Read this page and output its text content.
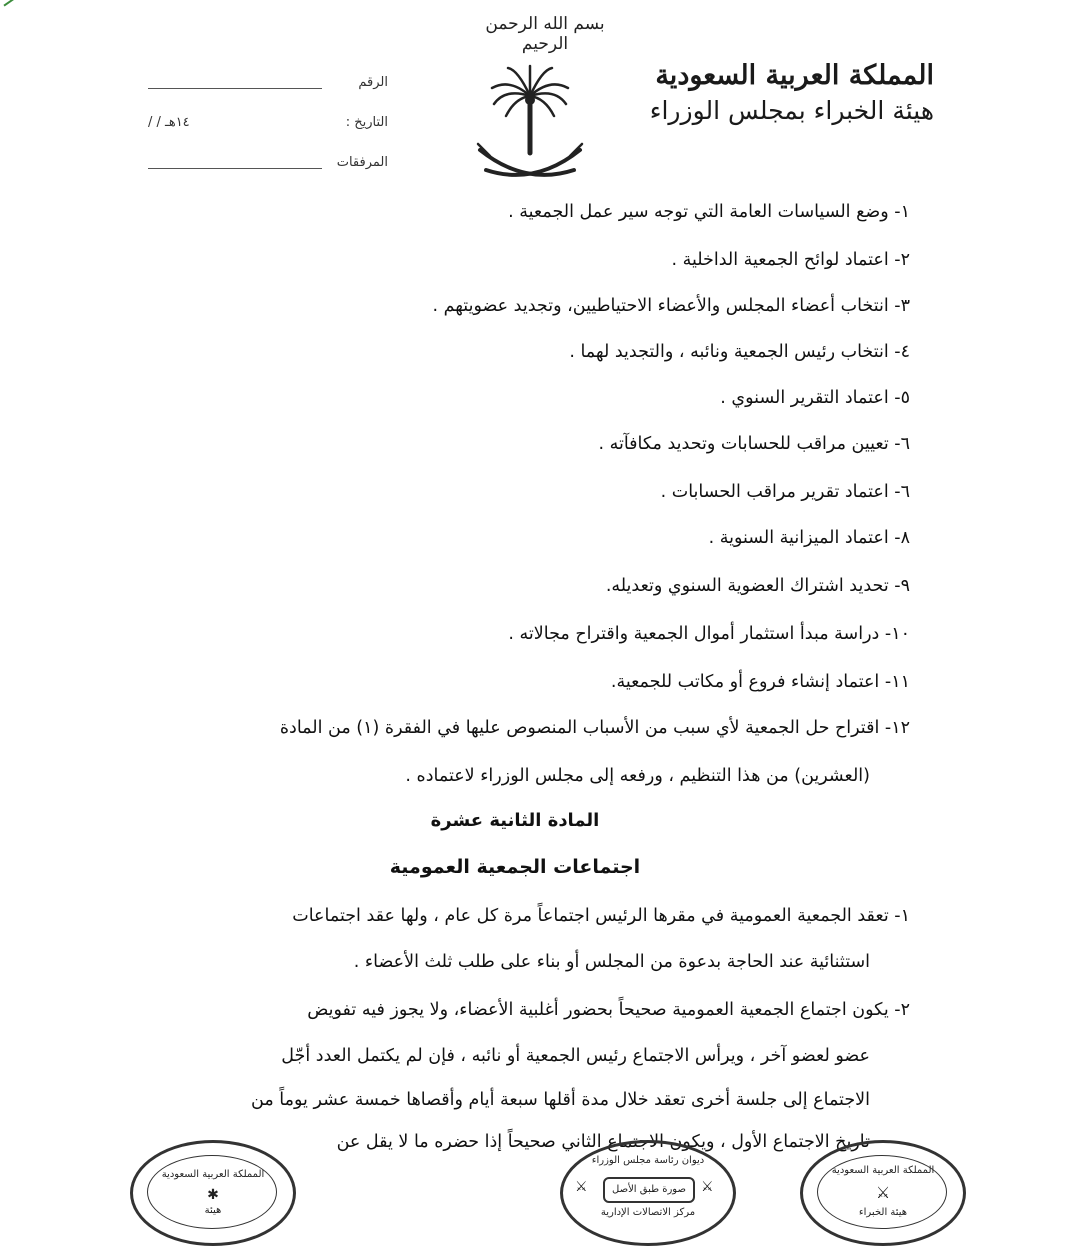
بسم الله الرحمن الرحيم
المملكة العربية السعودية
هيئة الخبراء بمجلس الوزراء
الرقم
التاريخ :
/ / ١٤هـ
المرفقات
١- وضع السياسات العامة التي توجه سير عمل الجمعية .
٢- اعتماد لوائح الجمعية الداخلية .
٣- انتخاب أعضاء المجلس والأعضاء الاحتياطيين، وتجديد عضويتهم .
٤- انتخاب رئيس الجمعية ونائبه ، والتجديد لهما .
٥- اعتماد التقرير السنوي .
٦- تعيين مراقب للحسابات وتحديد مكافآته .
٦- اعتماد تقرير مراقب الحسابات .
٨- اعتماد الميزانية السنوية .
٩- تحديد اشتراك العضوية السنوي وتعديله.
١٠- دراسة مبدأ استثمار أموال الجمعية واقتراح مجالاته .
١١- اعتماد إنشاء فروع أو مكاتب للجمعية.
١٢- اقتراح حل الجمعية لأي سبب من الأسباب المنصوص عليها في الفقرة (١) من المادة
(العشرين) من هذا التنظيم ، ورفعه إلى مجلس الوزراء لاعتماده .
المادة الثانية عشرة
اجتماعات الجمعية العمومية
١- تعقد الجمعية العمومية في مقرها الرئيس اجتماعاً مرة كل عام ، ولها عقد اجتماعات
استثنائية عند الحاجة بدعوة من المجلس أو بناء على طلب ثلث الأعضاء .
٢- يكون اجتماع الجمعية العمومية صحيحاً بحضور أغلبية الأعضاء، ولا يجوز فيه تفويض
عضو لعضو آخر ، ويرأس الاجتماع رئيس الجمعية أو نائبه ، فإن لم يكتمل العدد أجّل
الاجتماع إلى جلسة أخرى تعقد خلال مدة أقلها سبعة أيام وأقصاها خمسة عشر يوماً من
تاريخ الاجتماع الأول ، ويكون الاجتماع الثاني صحيحاً إذا حضره ما لا يقل عن
المملكة العربية السعودية
✱
هيئة
ديوان رئاسة مجلس الوزراء
صورة طبق الأصل
مركز الاتصالات الإدارية
⚔	⚔
المملكة العربية السعودية
⚔
هيئة الخبراء
